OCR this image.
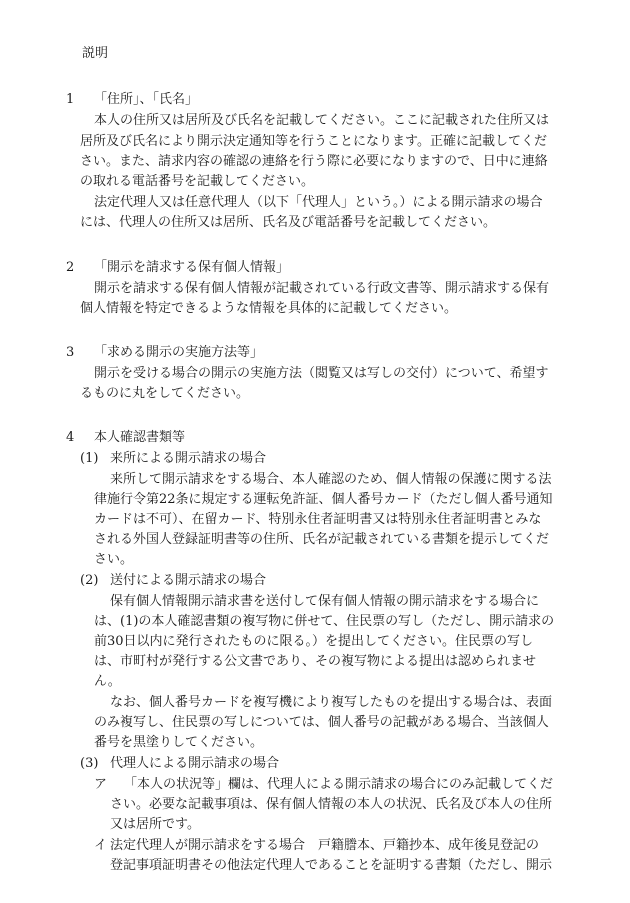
説明
1 「住所」、「氏名」
本人の住所又は居所及び氏名を記載してください。ここに記載された住所又は
居所及び氏名により開示決定通知等を行うことになります。正確に記載してくだ
さい。また、請求内容の確認の連絡を行う際に必要になりますので、日中に連絡
の取れる電話番号を記載してください。
法定代理人又は任意代理人（以下「代理人」という。）による開示請求の場合
には、代理人の住所又は居所、氏名及び電話番号を記載してください。
2 「開示を請求する保有個人情報」
開示を請求する保有個人情報が記載されている行政文書等、開示請求する保有
個人情報を特定できるような情報を具体的に記載してください。
3 「求める開示の実施方法等」
開示を受ける場合の開示の実施方法（閲覧又は写しの交付）について、希望す
るものに丸をしてください。
4 本人確認書類等
(1) 来所による開示請求の場合
来所して開示請求をする場合、本人確認のため、個人情報の保護に関する法
律施行令第22条に規定する運転免許証、個人番号カード（ただし個人番号通知
カードは不可）、在留カード、特別永住者証明書又は特別永住者証明書とみな
される外国人登録証明書等の住所、氏名が記載されている書類を提示してくだ
さい。
(2) 送付による開示請求の場合
保有個人情報開示請求書を送付して保有個人情報の開示請求をする場合に
は、(1)の本人確認書類の複写物に併せて、住民票の写し（ただし、開示請求の
前30日以内に発行されたものに限る。）を提出してください。住民票の写し
は、市町村が発行する公文書であり、その複写物による提出は認められませ
ん。
なお、個人番号カードを複写機により複写したものを提出する場合は、表面
のみ複写し、住民票の写しについては、個人番号の記載がある場合、当該個人
番号を黒塗りしてください。
(3) 代理人による開示請求の場合
ア 「本人の状況等」欄は、代理人による開示請求の場合にのみ記載してくだ
さい。必要な記載事項は、保有個人情報の本人の状況、氏名及び本人の住所
又は居所です。
イ 法定代理人が開示請求をする場合　戸籍謄本、戸籍抄本、成年後見登記の
登記事項証明書その他法定代理人であることを証明する書類（ただし、開示
